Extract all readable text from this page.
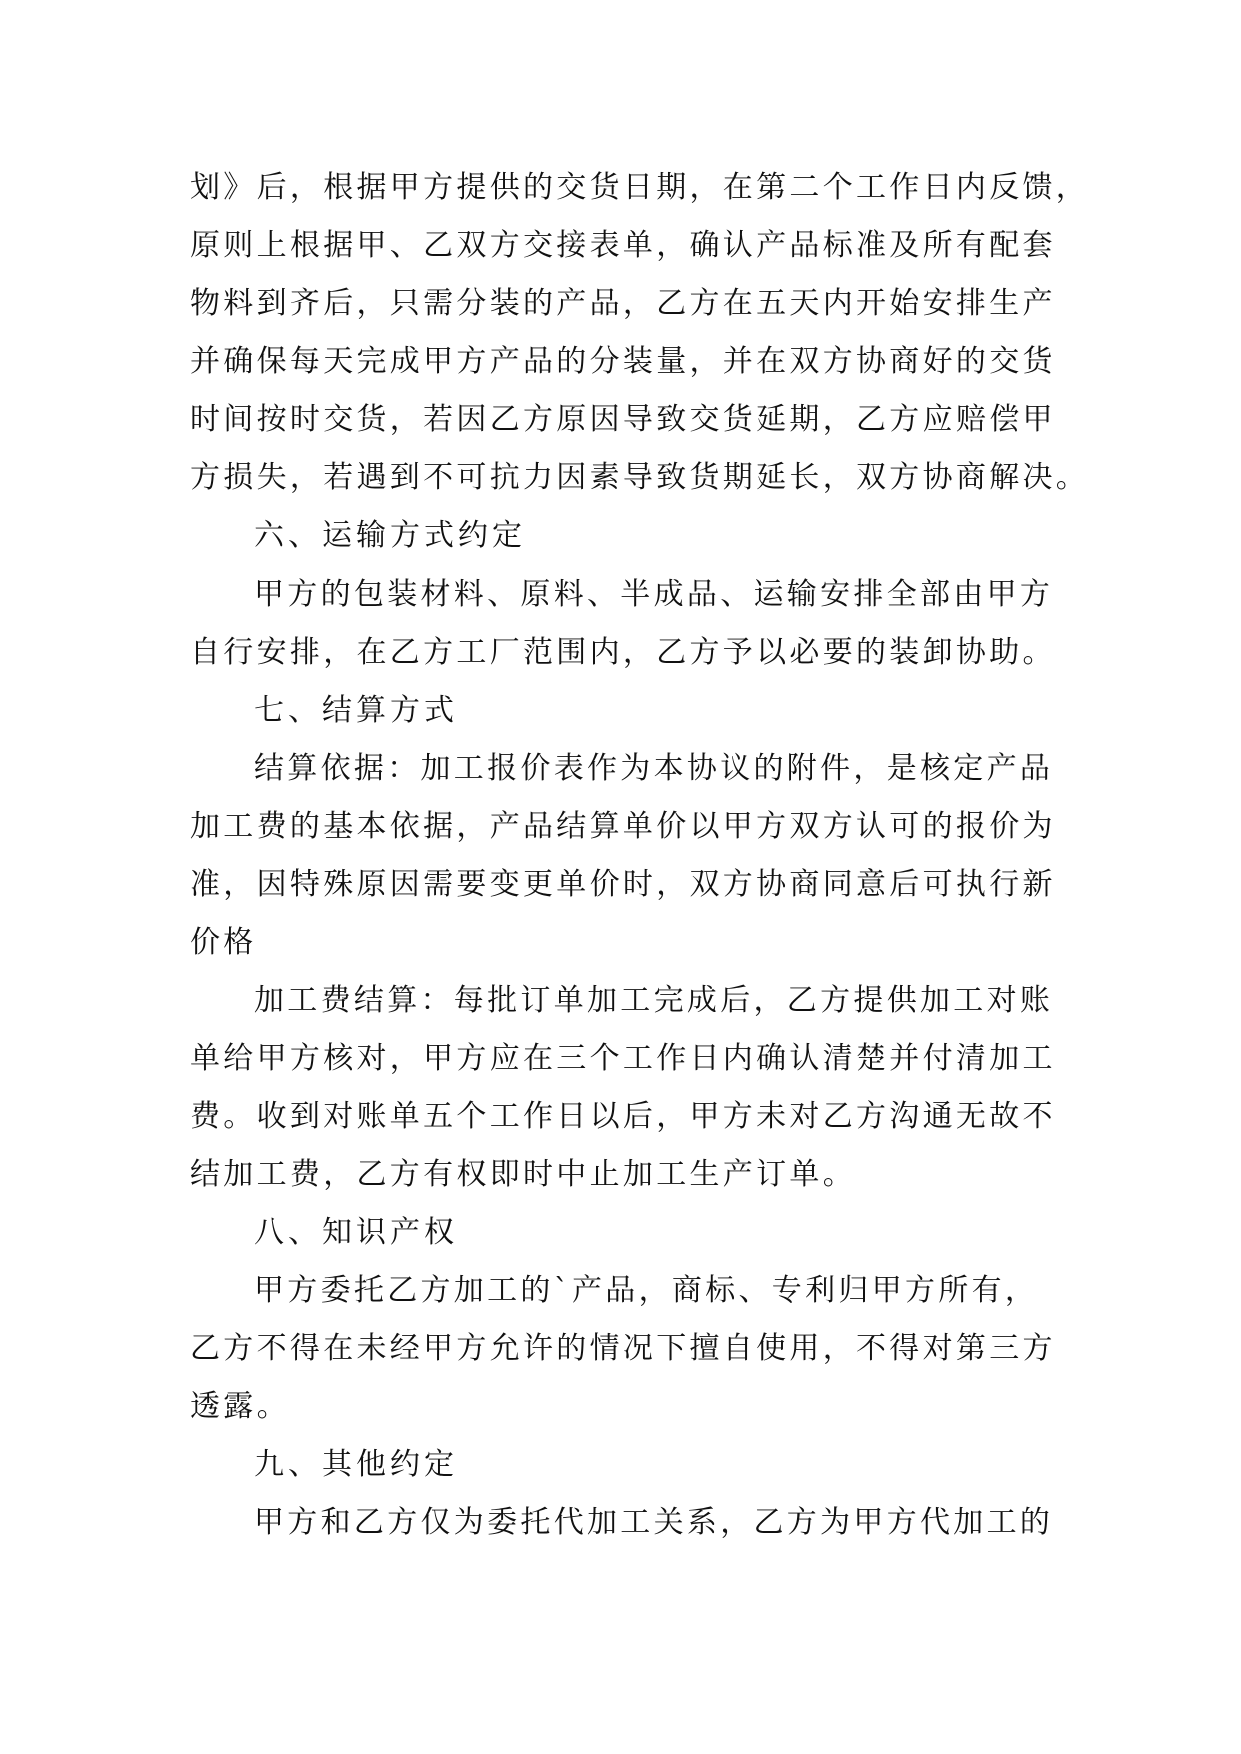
划》后，根据甲方提供的交货日期，在第二个工作日内反馈，
原则上根据甲、乙双方交接表单，确认产品标准及所有配套
物料到齐后，只需分装的产品，乙方在五天内开始安排生产
并确保每天完成甲方产品的分装量，并在双方协商好的交货
时间按时交货，若因乙方原因导致交货延期，乙方应赔偿甲
方损失，若遇到不可抗力因素导致货期延长，双方协商解决。
六、运输方式约定
甲方的包装材料、原料、半成品、运输安排全部由甲方
自行安排，在乙方工厂范围内，乙方予以必要的装卸协助。
七、结算方式
结算依据：加工报价表作为本协议的附件，是核定产品
加工费的基本依据，产品结算单价以甲方双方认可的报价为
准，因特殊原因需要变更单价时，双方协商同意后可执行新
价格
加工费结算：每批订单加工完成后，乙方提供加工对账
单给甲方核对，甲方应在三个工作日内确认清楚并付清加工
费。收到对账单五个工作日以后，甲方未对乙方沟通无故不
结加工费，乙方有权即时中止加工生产订单。
八、知识产权
甲方委托乙方加工的`产品，商标、专利归甲方所有，
乙方不得在未经甲方允许的情况下擅自使用，不得对第三方
透露。
九、其他约定
甲方和乙方仅为委托代加工关系，乙方为甲方代加工的
